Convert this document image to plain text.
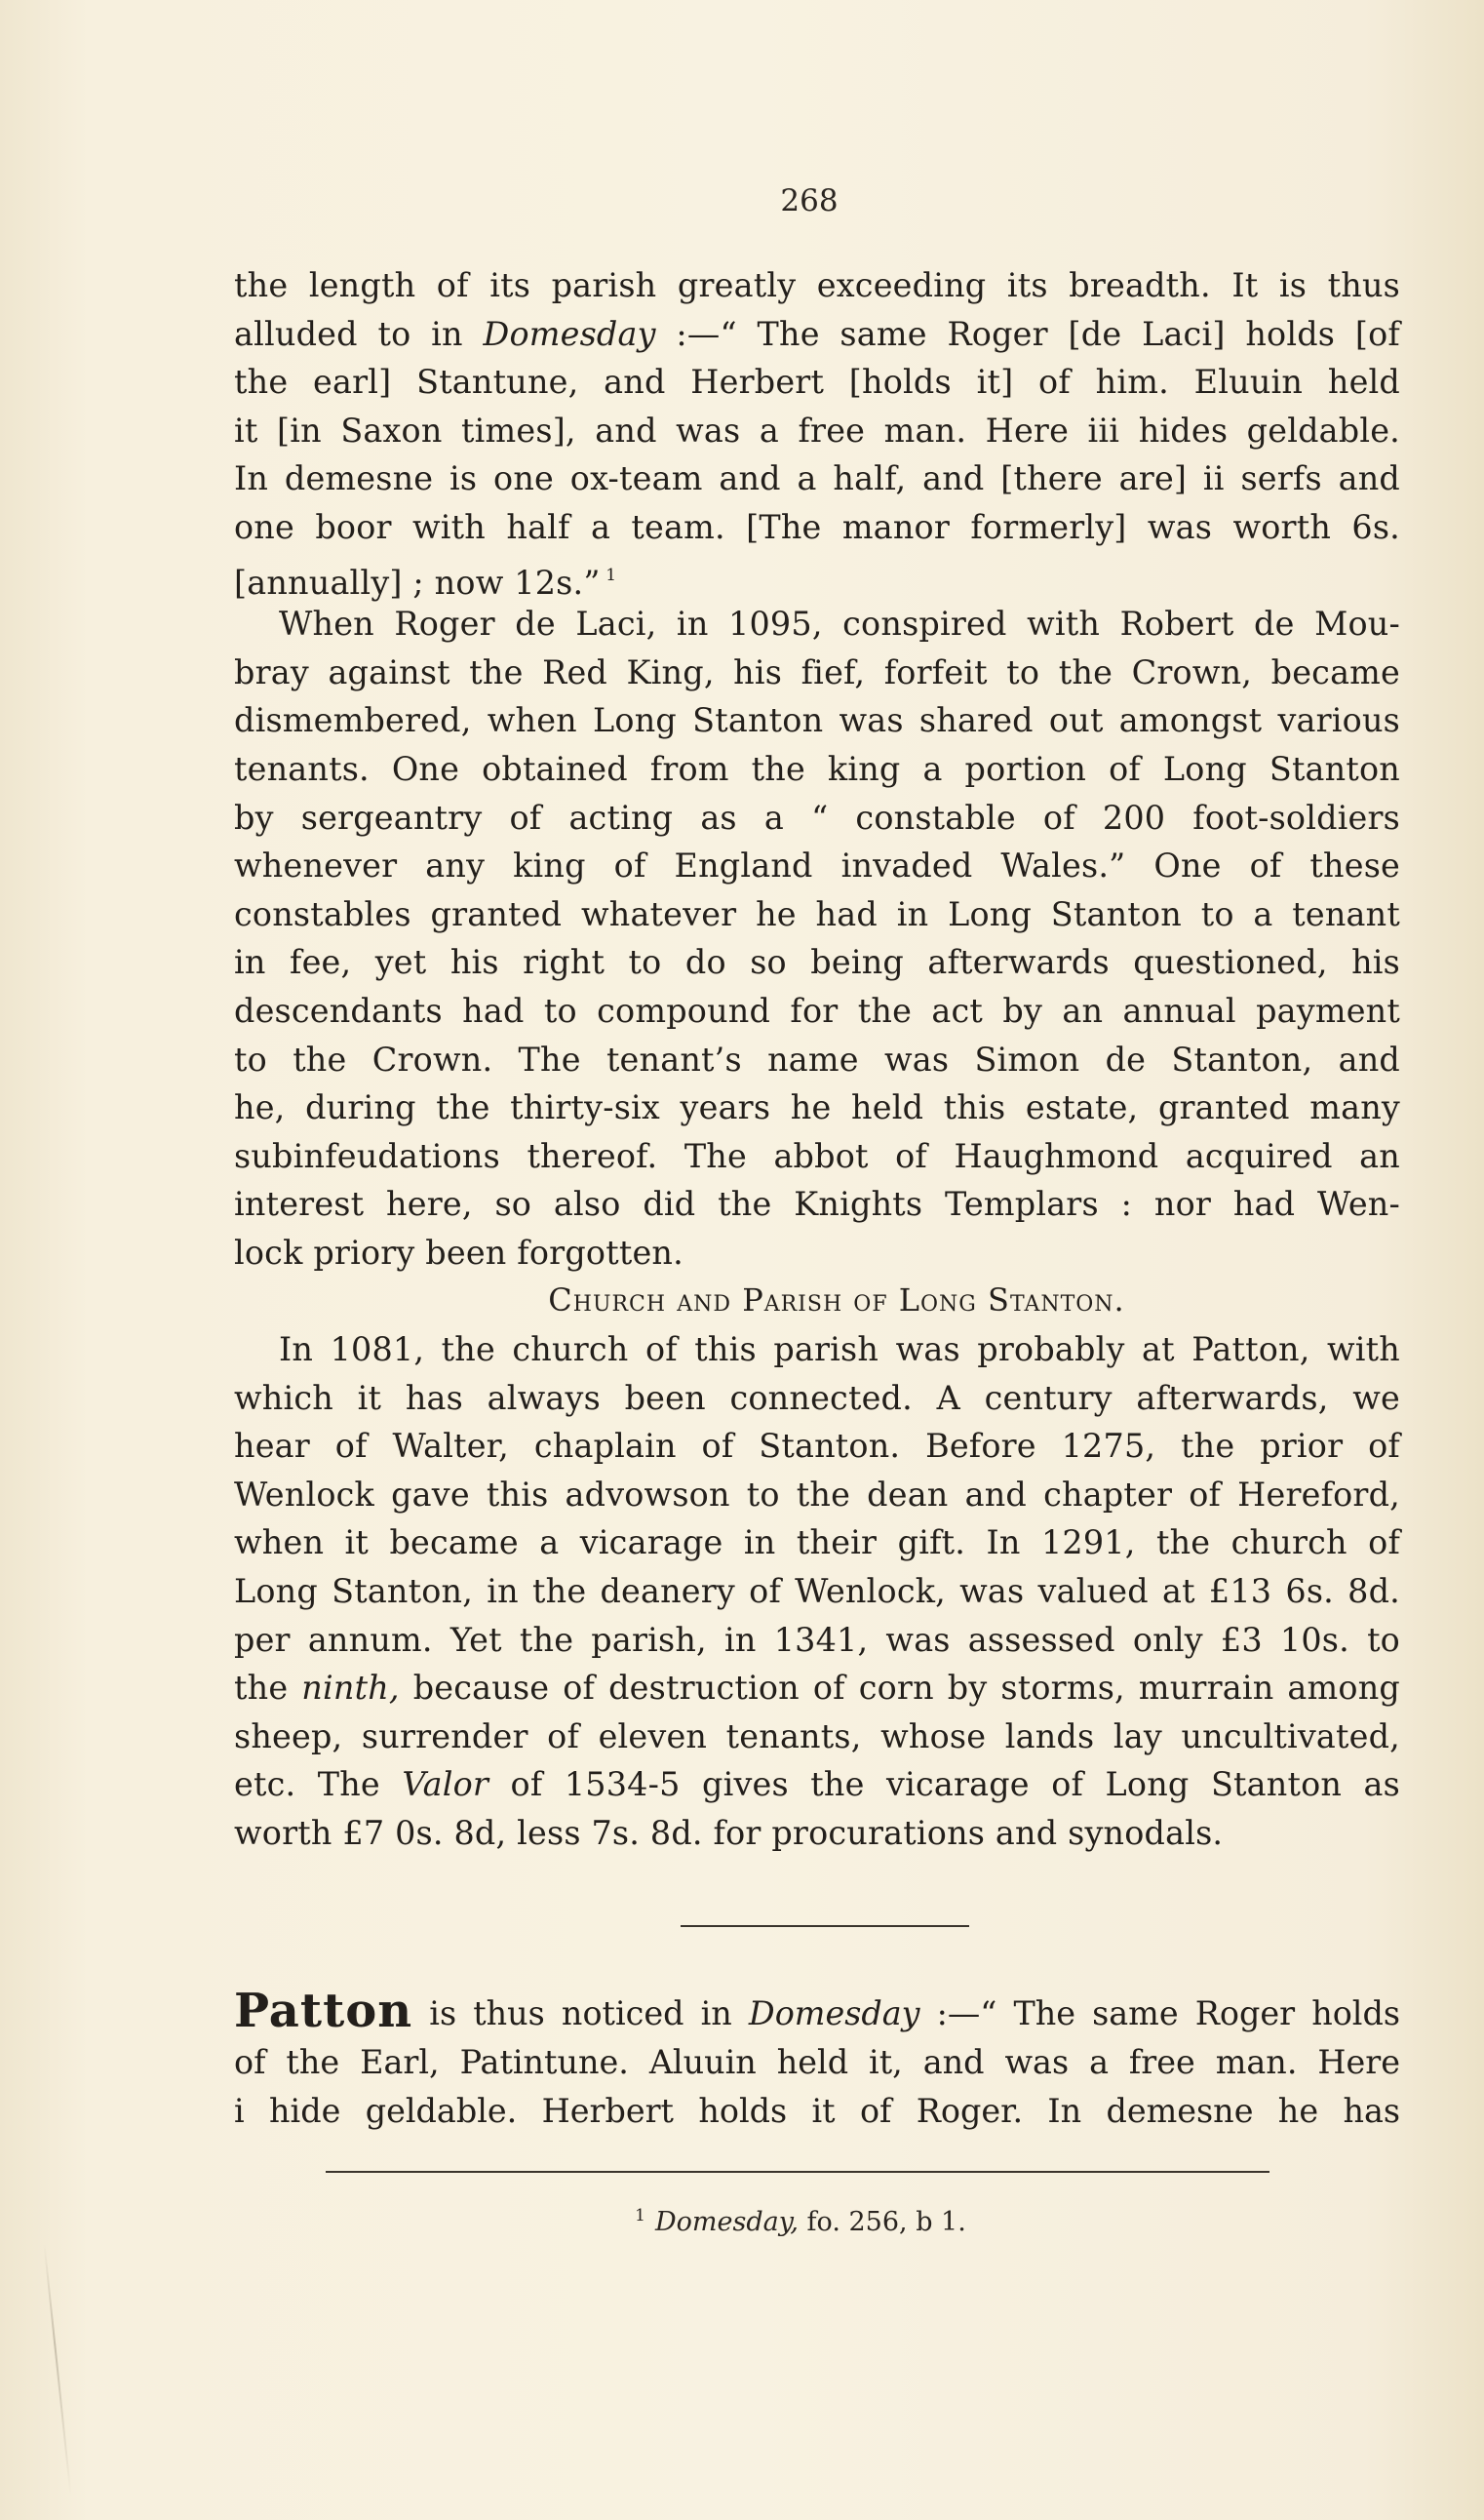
268
the length of its parish greatly exceeding its breadth. It is thus
alluded to in Domesday :—“ The same Roger [de Laci] holds [of
the earl] Stantune, and Herbert [holds it] of him. Eluuin held
it [in Saxon times], and was a free man. Here iii hides geldable.
In demesne is one ox-team and a half, and [there are] ii serfs and
one boor with half a team. [The manor formerly] was worth 6s.
[annually] ; now 12s.” $^1$
When Roger de Laci, in 1095, conspired with Robert de Mou-
bray against the Red King, his fief, forfeit to the Crown, became
dismembered, when Long Stanton was shared out amongst various
tenants. One obtained from the king a portion of Long Stanton
by sergeantry of acting as a “ constable of 200 foot-soldiers
whenever any king of England invaded Wales.” One of these
constables granted whatever he had in Long Stanton to a tenant
in fee, yet his right to do so being afterwards questioned, his
descendants had to compound for the act by an annual payment
to the Crown. The tenant’s name was Simon de Stanton, and
he, during the thirty-six years he held this estate, granted many
subinfeudations thereof. The abbot of Haughmond acquired an
interest here, so also did the Knights Templars : nor had Wen-
lock priory been forgotten.
Church and Parish of Long Stanton.
In 1081, the church of this parish was probably at Patton, with
which it has always been connected. A century afterwards, we
hear of Walter, chaplain of Stanton. Before 1275, the prior of
Wenlock gave this advowson to the dean and chapter of Hereford,
when it became a vicarage in their gift. In 1291, the church of
Long Stanton, in the deanery of Wenlock, was valued at £13 6s. 8d.
per annum. Yet the parish, in 1341, was assessed only £3 10s. to
the ninth, because of destruction of corn by storms, murrain among
sheep, surrender of eleven tenants, whose lands lay uncultivated,
etc. The Valor of 1534-5 gives the vicarage of Long Stanton as
worth £7 0s. 8d, less 7s. 8d. for procurations and synodals.
Patton is thus noticed in Domesday :—“ The same Roger holds
of the Earl, Patintune. Aluuin held it, and was a free man. Here
i hide geldable. Herbert holds it of Roger. In demesne he has
$^1$ Domesday, fo. 256, b 1.
